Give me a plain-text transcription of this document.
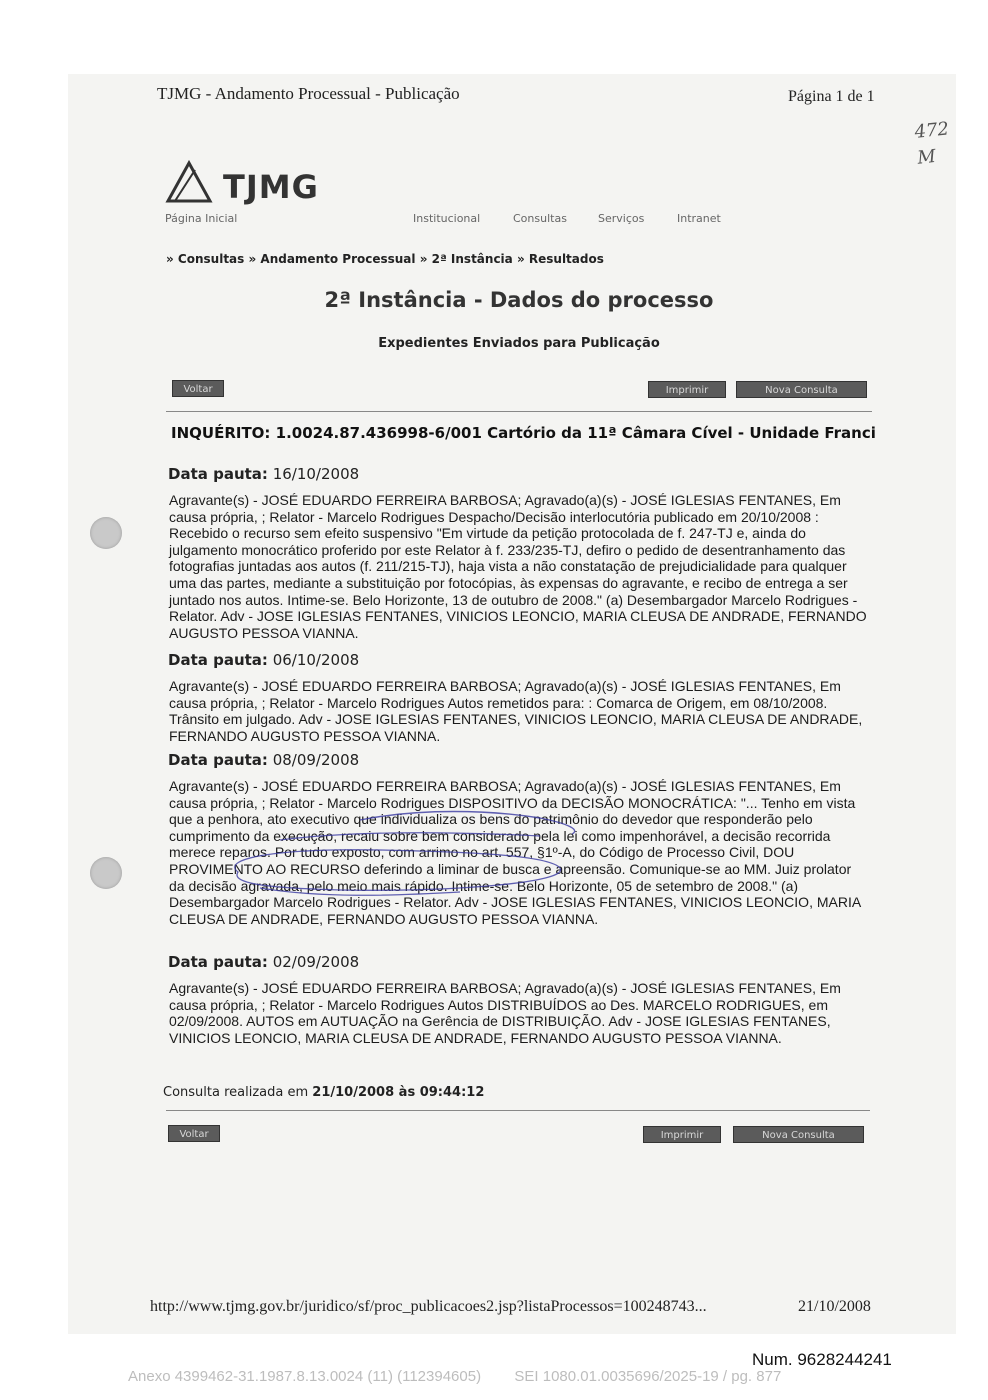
TJMG - Andamento Processual - Publicação	Página 1 de 1
472
M
TJMG
Página Inicial	Institucional	Consultas	Serviços	Intranet
» Consultas » Andamento Processual » 2ª Instância » Resultados
2ª Instância - Dados do processo
Expedientes Enviados para Publicação
Voltar	Imprimir	Nova Consulta
INQUÉRITO: 1.0024.87.436998-6/001 Cartório da 11ª Câmara Cível - Unidade Franci
Data pauta: 16/10/2008
Agravante(s) - JOSÉ EDUARDO FERREIRA BARBOSA; Agravado(a)(s) - JOSÉ IGLESIAS FENTANES, Em causa própria, ; Relator - Marcelo Rodrigues Despacho/Decisão interlocutória publicado em 20/10/2008 : Recebido o recurso sem efeito suspensivo "Em virtude da petição protocolada de f. 247-TJ e, ainda do julgamento monocrático proferido por este Relator à f. 233/235-TJ, defiro o pedido de desentranhamento das fotografias juntadas aos autos (f. 211/215-TJ), haja vista a não constatação de prejudicialidade para qualquer uma das partes, mediante a substituição por fotocópias, às expensas do agravante, e recibo de entrega a ser juntado nos autos. Intime-se. Belo Horizonte, 13 de outubro de 2008." (a) Desembargador Marcelo Rodrigues - Relator. Adv - JOSE IGLESIAS FENTANES, VINICIOS LEONCIO, MARIA CLEUSA DE ANDRADE, FERNANDO AUGUSTO PESSOA VIANNA.
Data pauta: 06/10/2008
Agravante(s) - JOSÉ EDUARDO FERREIRA BARBOSA; Agravado(a)(s) - JOSÉ IGLESIAS FENTANES, Em causa própria, ; Relator - Marcelo Rodrigues Autos remetidos para: : Comarca de Origem, em 08/10/2008. Trânsito em julgado. Adv - JOSE IGLESIAS FENTANES, VINICIOS LEONCIO, MARIA CLEUSA DE ANDRADE, FERNANDO AUGUSTO PESSOA VIANNA.
Data pauta: 08/09/2008
Agravante(s) - JOSÉ EDUARDO FERREIRA BARBOSA; Agravado(a)(s) - JOSÉ IGLESIAS FENTANES, Em causa própria, ; Relator - Marcelo Rodrigues DISPOSITIVO da DECISÃO MONOCRÁTICA: "... Tenho em vista que a penhora, ato executivo que individualiza os bens do patrimônio do devedor que responderão pelo cumprimento da execução, recaiu sobre bem considerado pela lei como impenhorável, a decisão recorrida merece reparos. Por tudo exposto, com arrimo no art. 557, §1º-A, do Código de Processo Civil, DOU PROVIMENTO AO RECURSO deferindo a liminar de busca e apreensão. Comunique-se ao MM. Juiz prolator da decisão agravada, pelo meio mais rápido. Intime-se. Belo Horizonte, 05 de setembro de 2008." (a) Desembargador Marcelo Rodrigues - Relator. Adv - JOSE IGLESIAS FENTANES, VINICIOS LEONCIO, MARIA CLEUSA DE ANDRADE, FERNANDO AUGUSTO PESSOA VIANNA.
Data pauta: 02/09/2008
Agravante(s) - JOSÉ EDUARDO FERREIRA BARBOSA; Agravado(a)(s) - JOSÉ IGLESIAS FENTANES, Em causa própria, ; Relator - Marcelo Rodrigues Autos DISTRIBUÍDOS ao Des. MARCELO RODRIGUES, em 02/09/2008. AUTOS em AUTUAÇÃO na Gerência de DISTRIBUIÇÃO. Adv - JOSE IGLESIAS FENTANES, VINICIOS LEONCIO, MARIA CLEUSA DE ANDRADE, FERNANDO AUGUSTO PESSOA VIANNA.
Consulta realizada em 21/10/2008 às 09:44:12
Voltar	Imprimir	Nova Consulta
http://www.tjmg.gov.br/juridico/sf/proc_publicacoes2.jsp?listaProcessos=100248743...	21/10/2008
Num. 9628244241
Anexo 4399462-31.1987.8.13.0024 (11) (112394605)        SEI 1080.01.0035696/2025-19 / pg. 877
